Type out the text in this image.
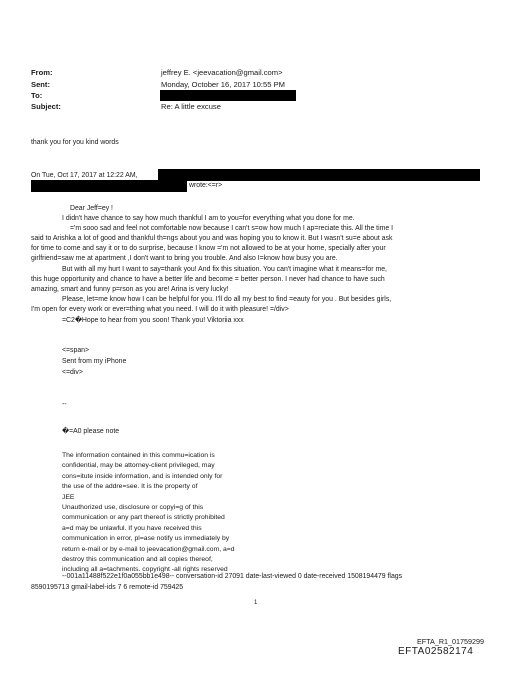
From:	jeffrey E. <jeevacation@gmail.com>
Sent:	Monday, October 16, 2017 10:55 PM
To:
Subject:	Re: A little excuse
thank you for you kind words
On Tue, Oct 17, 2017 at 12:22 AM,
wrote:<=r>
Dear Jeff=ey !
I didn't have chance to say how much thankful I am to you=for everything what you done for me.
='m sooo sad and feel not comfortable now because I can't s=ow how much I ap=reciate this. All the time I
said to Arishka a lot of good and thankful th=ngs about you and was hoping you to know it. But I wasn't su=e about ask
for time to come and say it or to do surprise, because I know ='m not allowed to be at your home, specially after your
girlfriend=saw me at apartment ,I don't want to bring you trouble. And also I=know how busy you are.
But with all my hurt I want to say=thank you! And fix this situation. You can't imagine what it means=for me,
this huge opportunity and chance to have a better life and become = better person. I never had chance to have such
amazing, smart and funny p=rson as you are! Arina is very lucky!
Please, let=me know how I can be helpful for you. I'll do all my best to find =eauty for you . But besides girls,
I'm open for every work or ever=thing what you need. I will do it with pleasure! =/div>
=C2�Hope to hear from you soon! Thank you! Viktoriia xxx
<=span>
Sent from my iPhone
<=div>
--
�=A0 please note
The information contained in this commu=ication is
confidential, may be attorney-client privileged, may
cons=itute inside information, and is intended only for
the use of the addre=see. It is the property of
JEE
Unauthorized use, disclosure or copyi=g of this
communication or any part thereof is strictly prohibited
a=d may be unlawful. If you have received this
communication in error, pl=ase notify us immediately by
return e-mail or by e-mail to jeevacation@gmail.com, a=d
destroy this communication and all copies thereof,
including all a=tachments. copyright -all rights reserved
--001a11488f522e1f0a055bb1e498-- conversation-id 27091 date-last-viewed 0 date-received 1508194479 flags
8590195713 gmail-label-ids 7 6 remote-id 759425
1
EFTA_R1_01759299
EFTA02582174
